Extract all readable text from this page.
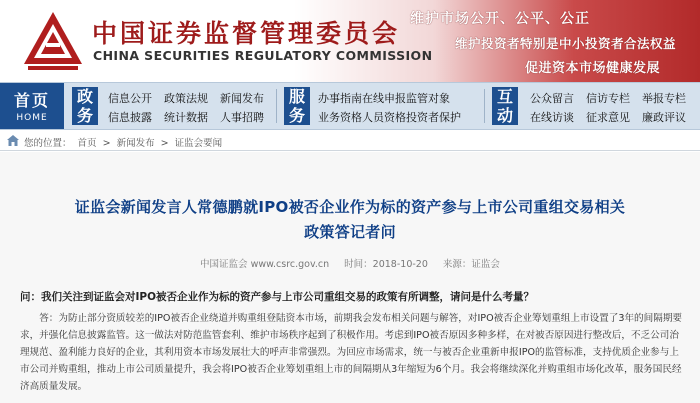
中国证券监督管理委员会
CHINA SECURITIES REGULATORY COMMISSION
维护市场公开、公平、公正
维护投资者特别是中小投资者合法权益
促进资本市场健康发展
首页
HOME
政
务
信息公开 政策法规 新闻发布
信息披露 统计数据 人事招聘
服
务
办事指南在线申报监管对象
业务资格人员资格投资者保护
互
动
公众留言 信访专栏 举报专栏
在线访谈 征求意见 廉政评议
您的位置： 首页 > 新闻发布 > 证监会要闻
证监会新闻发言人常德鹏就IPO被否企业作为标的资产参与上市公司重组交易相关
政策答记者问
中国证监会 www.csrc.gov.cn 时间：2018-10-20 来源：证监会
问：我们关注到证监会对IPO被否企业作为标的资产参与上市公司重组交易的政策有所调整，请问是什么考量？
答：为防止部分资质较差的IPO被否企业绕道并购重组登陆资本市场，前期我会发布相关问题与解答，对IPO被否企业筹划重组上市设置了3年的间隔期要求，并强化信息披露监管。这一做法对防范监管套利、维护市场秩序起到了积极作用。考虑到IPO被否原因多种多样，在对被否原因进行整改后，不乏公司治理规范、盈利能力良好的企业，其利用资本市场发展壮大的呼声非常强烈。为回应市场需求，统一与被否企业重新申报IPO的监管标准，支持优质企业参与上市公司并购重组，推动上市公司质量提升，我会将IPO被否企业筹划重组上市的间隔期从3年缩短为6个月。我会将继续深化并购重组市场化改革，服务国民经济高质量发展。
